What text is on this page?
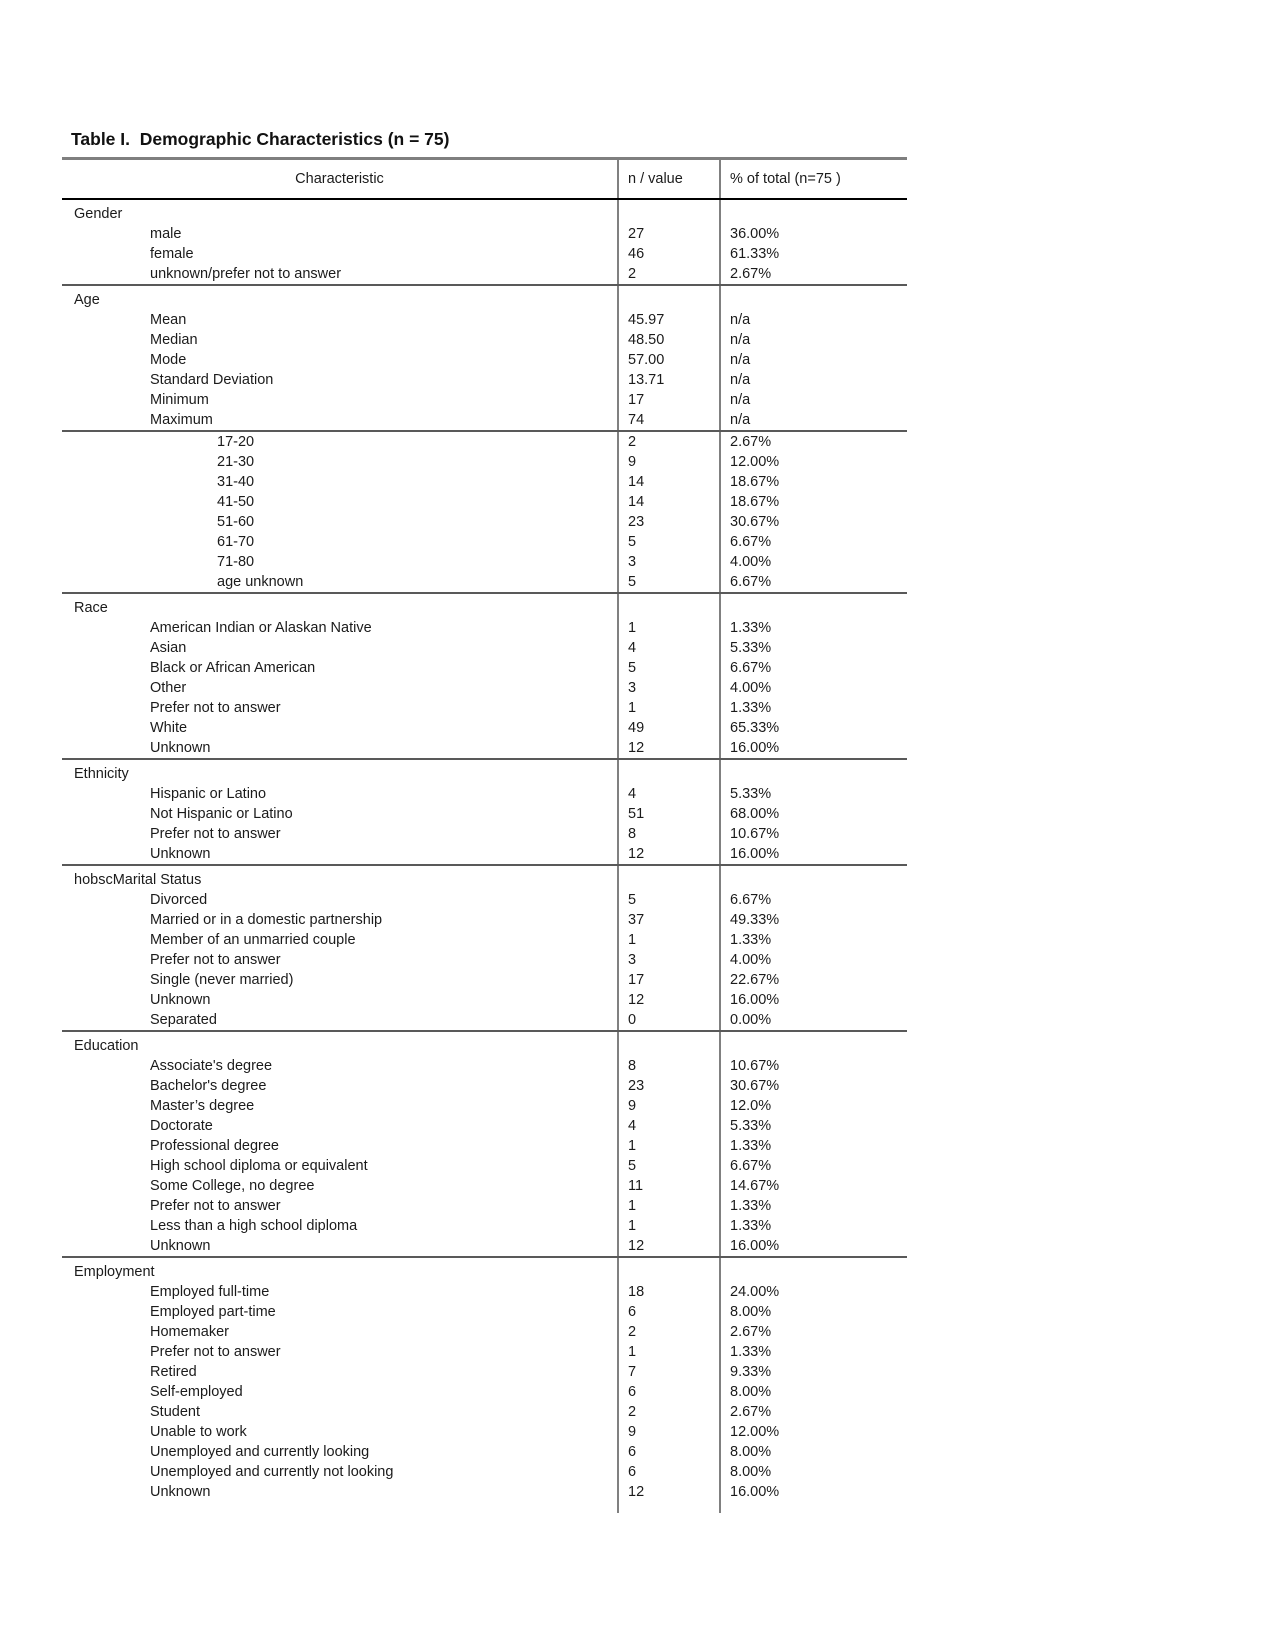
Table I.  Demographic Characteristics (n = 75)
Characteristic	n / value	% of total (n=75 )
Gender
male	27	36.00%
female	46	61.33%
unknown/prefer not to answer	2	2.67%
Age
Mean	45.97	n/a
Median	48.50	n/a
Mode	57.00	n/a
Standard Deviation	13.71	n/a
Minimum	17	n/a
Maximum	74	n/a
17-20	2	2.67%
21-30	9	12.00%
31-40	14	18.67%
41-50	14	18.67%
51-60	23	30.67%
61-70	5	6.67%
71-80	3	4.00%
age unknown	5	6.67%
Race
American Indian or Alaskan Native	1	1.33%
Asian	4	5.33%
Black or African American	5	6.67%
Other	3	4.00%
Prefer not to answer	1	1.33%
White	49	65.33%
Unknown	12	16.00%
Ethnicity
Hispanic or Latino	4	5.33%
Not Hispanic or Latino	51	68.00%
Prefer not to answer	8	10.67%
Unknown	12	16.00%
hobscMarital Status
Divorced	5	6.67%
Married or in a domestic partnership	37	49.33%
Member of an unmarried couple	1	1.33%
Prefer not to answer	3	4.00%
Single (never married)	17	22.67%
Unknown	12	16.00%
Separated	0	0.00%
Education
Associate's degree	8	10.67%
Bachelor's degree	23	30.67%
Master’s degree	9	12.0%
Doctorate	4	5.33%
Professional degree	1	1.33%
High school diploma or equivalent	5	6.67%
Some College, no degree	11	14.67%
Prefer not to answer	1	1.33%
Less than a high school diploma	1	1.33%
Unknown	12	16.00%
Employment
Employed full-time	18	24.00%
Employed part-time	6	8.00%
Homemaker	2	2.67%
Prefer not to answer	1	1.33%
Retired	7	9.33%
Self-employed	6	8.00%
Student	2	2.67%
Unable to work	9	12.00%
Unemployed and currently looking	6	8.00%
Unemployed and currently not looking	6	8.00%
Unknown	12	16.00%
